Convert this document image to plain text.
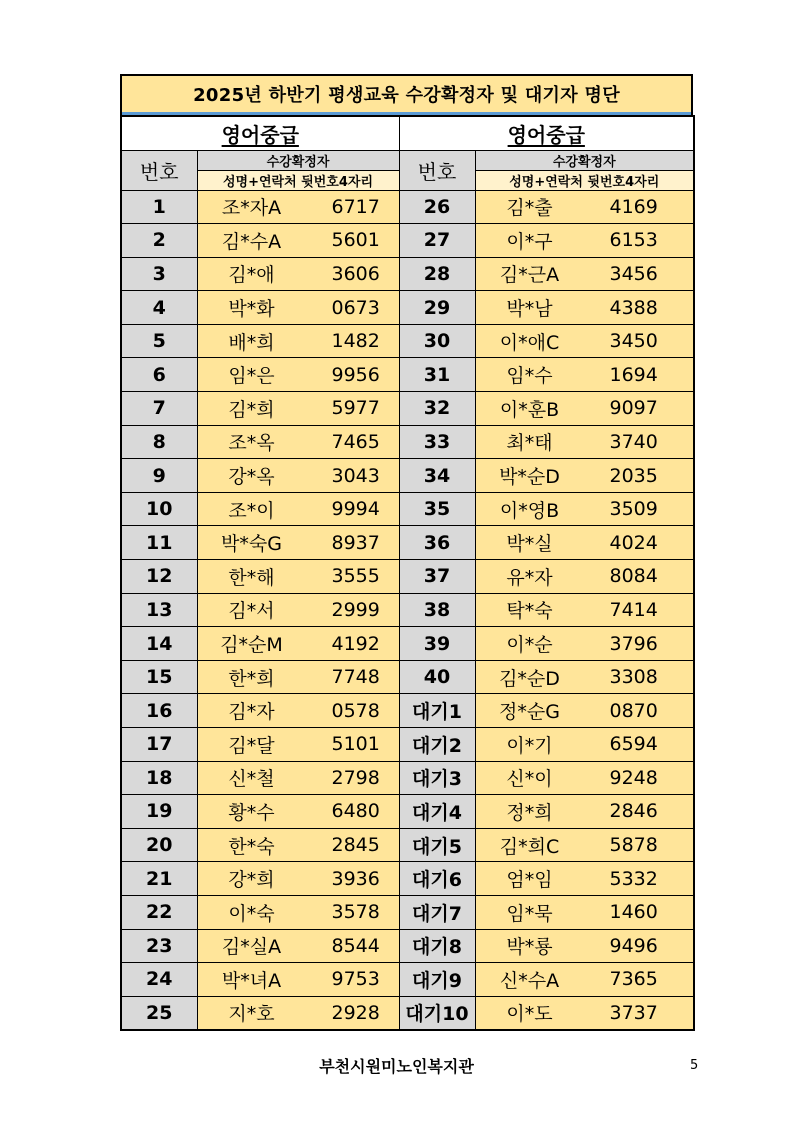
2025년 하반기 평생교육 수강확정자 및 대기자 명단
영어중급		영어중급	
번호	수강확정자	번호	수강확정자
	성명+연락처 뒷번호4자리		성명+연락처 뒷번호4자리
1	조*자A 6717	26	김*출 4169

2	김*수A 5601	27	이*구 6153

3	김*애 3606	28	김*근A 3456

4	박*화 0673	29	박*남 4388

5	배*희 1482	30	이*애C 3450

6	임*은 9956	31	임*수 1694

7	김*희 5977	32	이*훈B 9097

8	조*옥 7465	33	최*태 3740

9	강*옥 3043	34	박*순D 2035

10	조*이 9994	35	이*영B 3509

11	박*숙G 8937	36	박*실 4024

12	한*해 3555	37	유*자 8084

13	김*서 2999	38	탁*숙 7414

14	김*순M 4192	39	이*순 3796

15	한*희 7748	40	김*순D 3308

16	김*자 0578	대기1	정*순G 0870

17	김*달 5101	대기2	이*기 6594

18	신*철 2798	대기3	신*이 9248

19	황*수 6480	대기4	정*희 2846

20	한*숙 2845	대기5	김*희C 5878

21	강*희 3936	대기6	엄*임 5332

22	이*숙 3578	대기7	임*묵 1460

23	김*실A 8544	대기8	박*룡 9496

24	박*녀A 9753	대기9	신*수A 7365

25	지*호 2928	대기10	이*도 3737
부천시원미노인복지관	5
